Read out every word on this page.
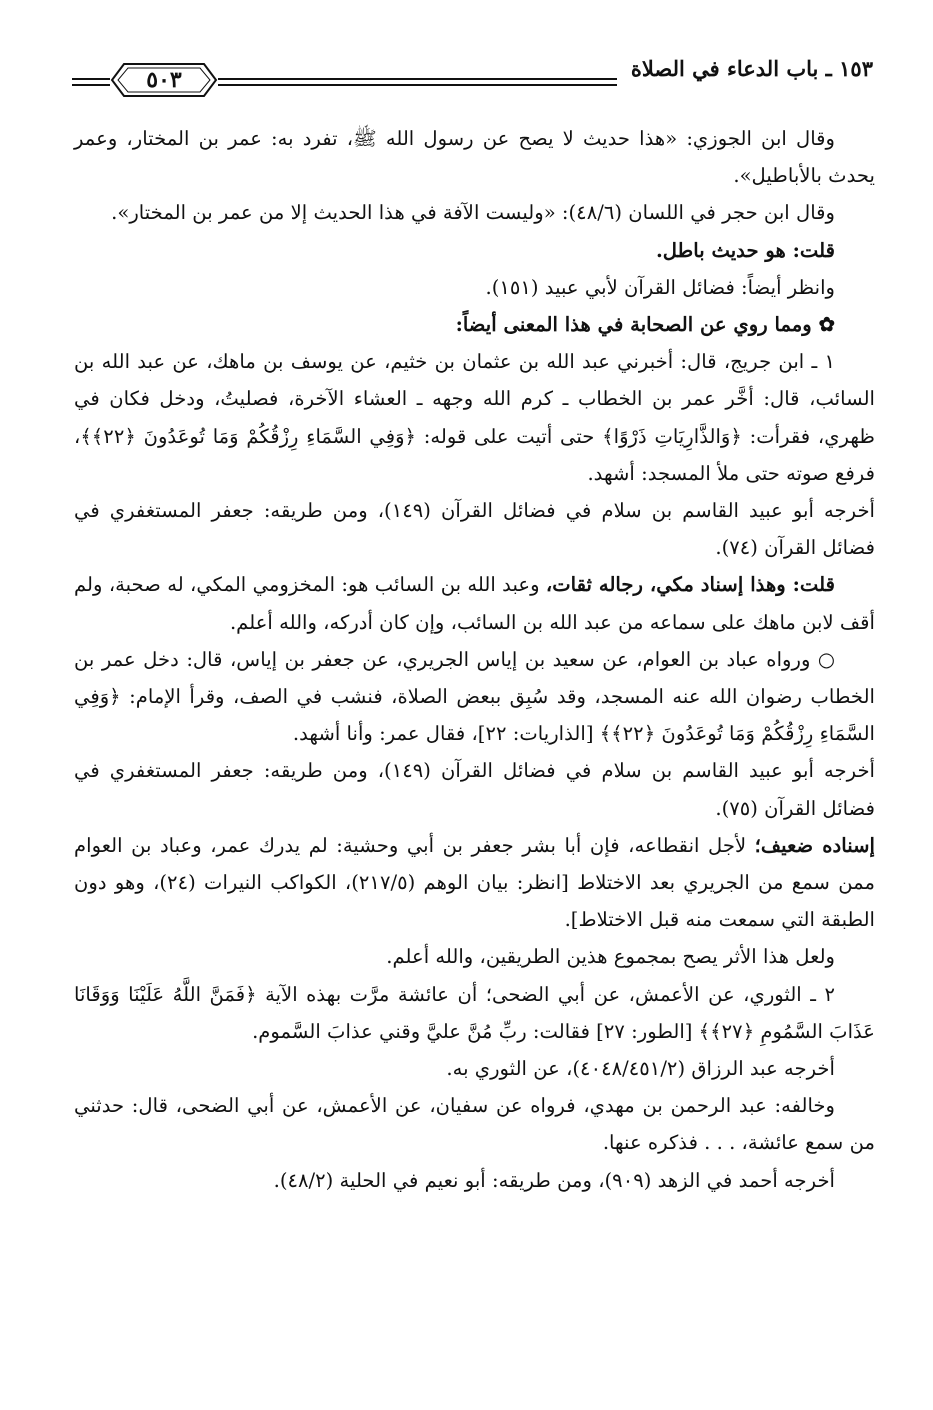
١٥٣ ـ باب الدعاء في الصلاة
٥٠٣

وقال ابن الجوزي: «هذا حديث لا يصح عن رسول الله ﷺ، تفرد به: عمر بن المختار، وعمر يحدث بالأباطيل».

وقال ابن حجر في اللسان (٤٨/٦): «وليست الآفة في هذا الحديث إلا من عمر بن المختار».

قلت: هو حديث باطل.

وانظر أيضاً: فضائل القرآن لأبي عبيد (١٥١).

✿ ومما روي عن الصحابة في هذا المعنى أيضاً:

١ ـ ابن جريج، قال: أخبرني عبد الله بن عثمان بن خثيم، عن يوسف بن ماهك، عن عبد الله بن السائب، قال: أخَّر عمر بن الخطاب ـ كرم الله وجهه ـ العشاء الآخرة، فصليتُ، ودخل فكان في ظهري، فقرأت: ﴿وَالذَّارِيَاتِ ذَرْوًا﴾ حتى أتيت على قوله: ﴿وَفِي السَّمَاءِ رِزْقُكُمْ وَمَا تُوعَدُونَ ﴿٢٢﴾﴾، فرفع صوته حتى ملأ المسجد: أشهد.

أخرجه أبو عبيد القاسم بن سلام في فضائل القرآن (١٤٩)، ومن طريقه: جعفر المستغفري في فضائل القرآن (٧٤).

قلت: وهذا إسناد مكي، رجاله ثقات، وعبد الله بن السائب هو: المخزومي المكي، له صحبة، ولم أقف لابن ماهك على سماعه من عبد الله بن السائب، وإن كان أدركه، والله أعلم.

○ ورواه عباد بن العوام، عن سعيد بن إياس الجريري، عن جعفر بن إياس، قال: دخل عمر بن الخطاب رضوان الله عنه المسجد، وقد سُبِق ببعض الصلاة، فنشب في الصف، وقرأ الإمام: ﴿وَفِي السَّمَاءِ رِزْقُكُمْ وَمَا تُوعَدُونَ ﴿٢٢﴾﴾ [الذاريات: ٢٢]، فقال عمر: وأنا أشهد.

أخرجه أبو عبيد القاسم بن سلام في فضائل القرآن (١٤٩)، ومن طريقه: جعفر المستغفري في فضائل القرآن (٧٥).

إسناده ضعيف؛ لأجل انقطاعه، فإن أبا بشر جعفر بن أبي وحشية: لم يدرك عمر، وعباد بن العوام ممن سمع من الجريري بعد الاختلاط [انظر: بيان الوهم (٢١٧/٥)، الكواكب النيرات (٢٤)، وهو دون الطبقة التي سمعت منه قبل الاختلاط].

ولعل هذا الأثر يصح بمجموع هذين الطريقين، والله أعلم.

٢ ـ الثوري، عن الأعمش، عن أبي الضحى؛ أن عائشة مرَّت بهذه الآية ﴿فَمَنَّ اللَّهُ عَلَيْنَا وَوَقَانَا عَذَابَ السَّمُومِ ﴿٢٧﴾﴾ [الطور: ٢٧] فقالت: ربِّ مُنَّ عليَّ وقني عذابَ السَّموم.

أخرجه عبد الرزاق (٤٠٤٨/٤٥١/٢)، عن الثوري به.

وخالفه: عبد الرحمن بن مهدي، فرواه عن سفيان، عن الأعمش، عن أبي الضحى، قال: حدثني من سمع عائشة، . . . فذكره عنها.

أخرجه أحمد في الزهد (٩٠٩)، ومن طريقه: أبو نعيم في الحلية (٤٨/٢).
